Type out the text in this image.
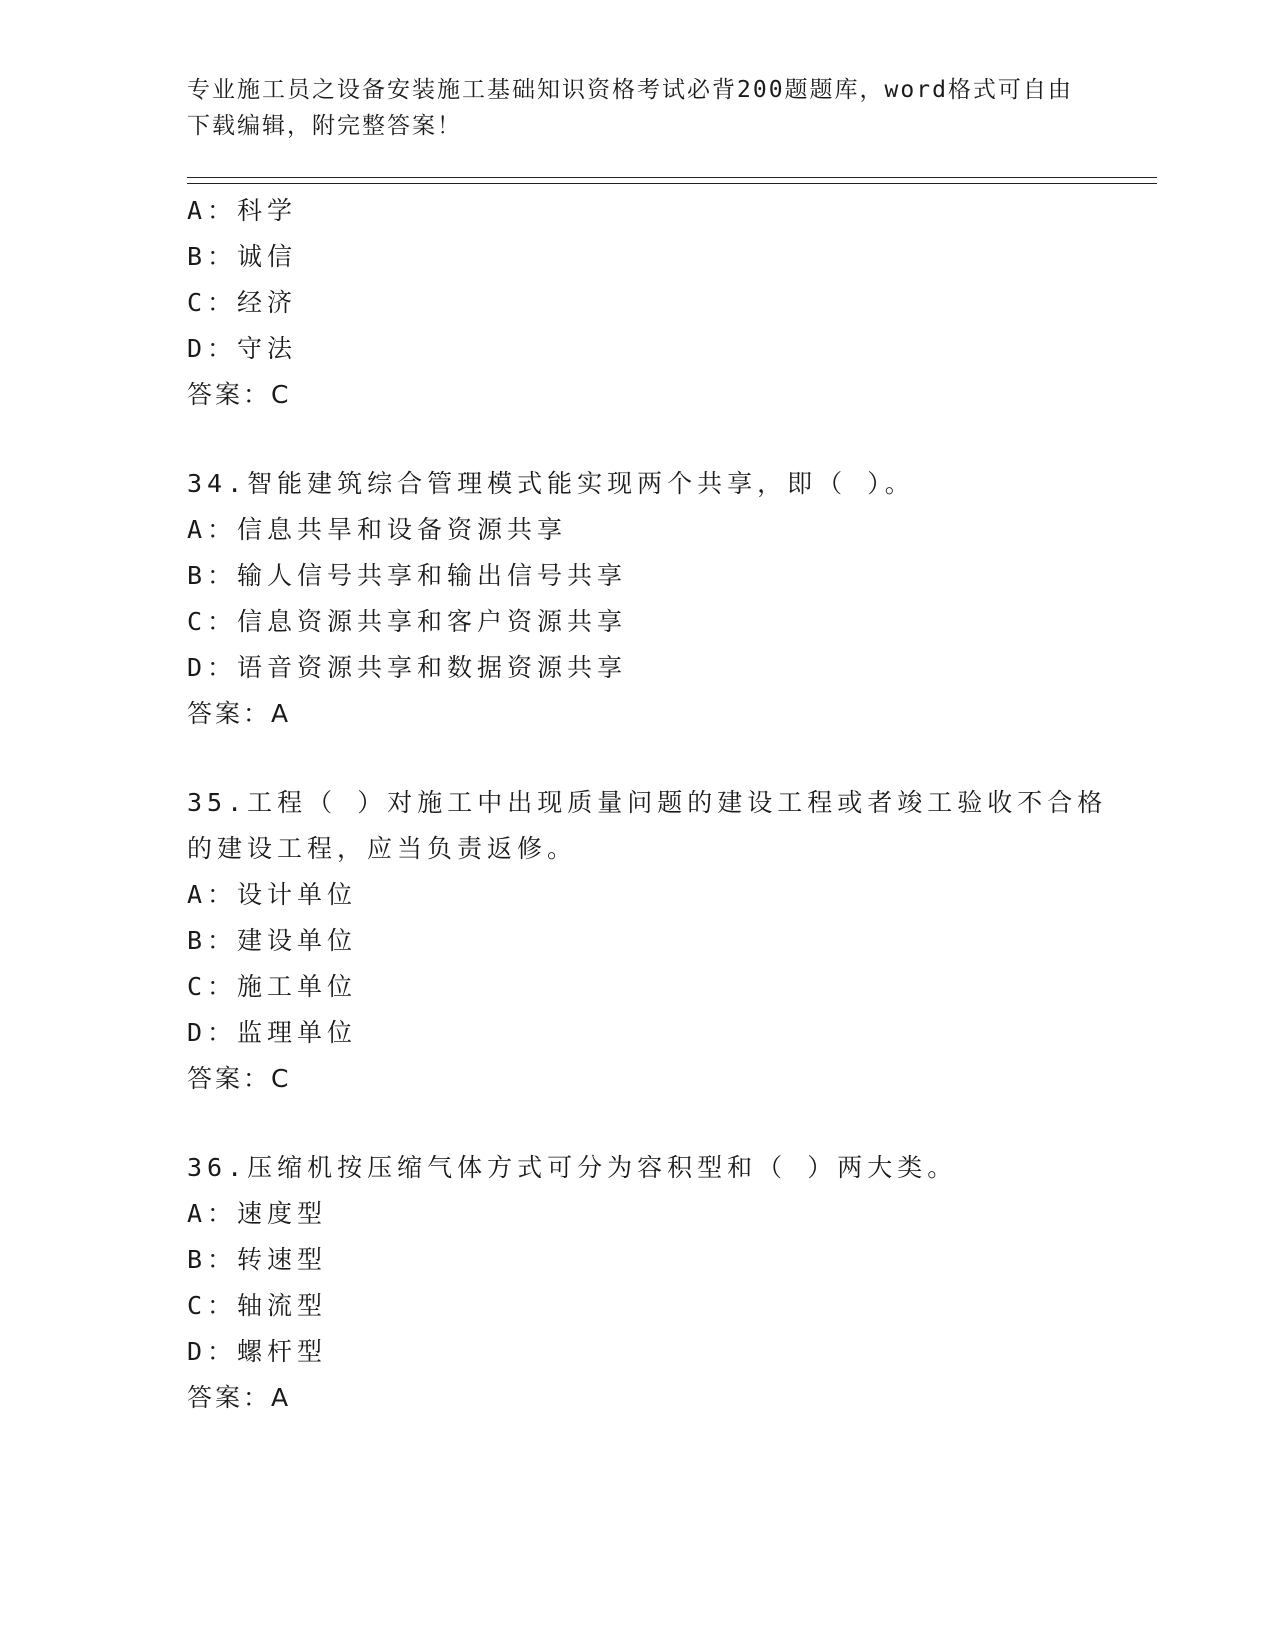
专业施工员之设备安装施工基础知识资格考试必背200题题库，word格式可自由
下载编辑，附完整答案！
A：科学
B：诚信
C：经济
D：守法
答案：C
34.智能建筑综合管理模式能实现两个共享，即（ ）。
A：信息共旱和设备资源共享
B：输人信号共享和输出信号共享
C：信息资源共享和客户资源共享
D：语音资源共享和数据资源共享
答案：A
35.工程（ ）对施工中出现质量问题的建设工程或者竣工验收不合格
的建设工程，应当负责返修。
A：设计单位
B：建设单位
C：施工单位
D：监理单位
答案：C
36.压缩机按压缩气体方式可分为容积型和（ ）两大类。
A：速度型
B：转速型
C：轴流型
D：螺杆型
答案：A
